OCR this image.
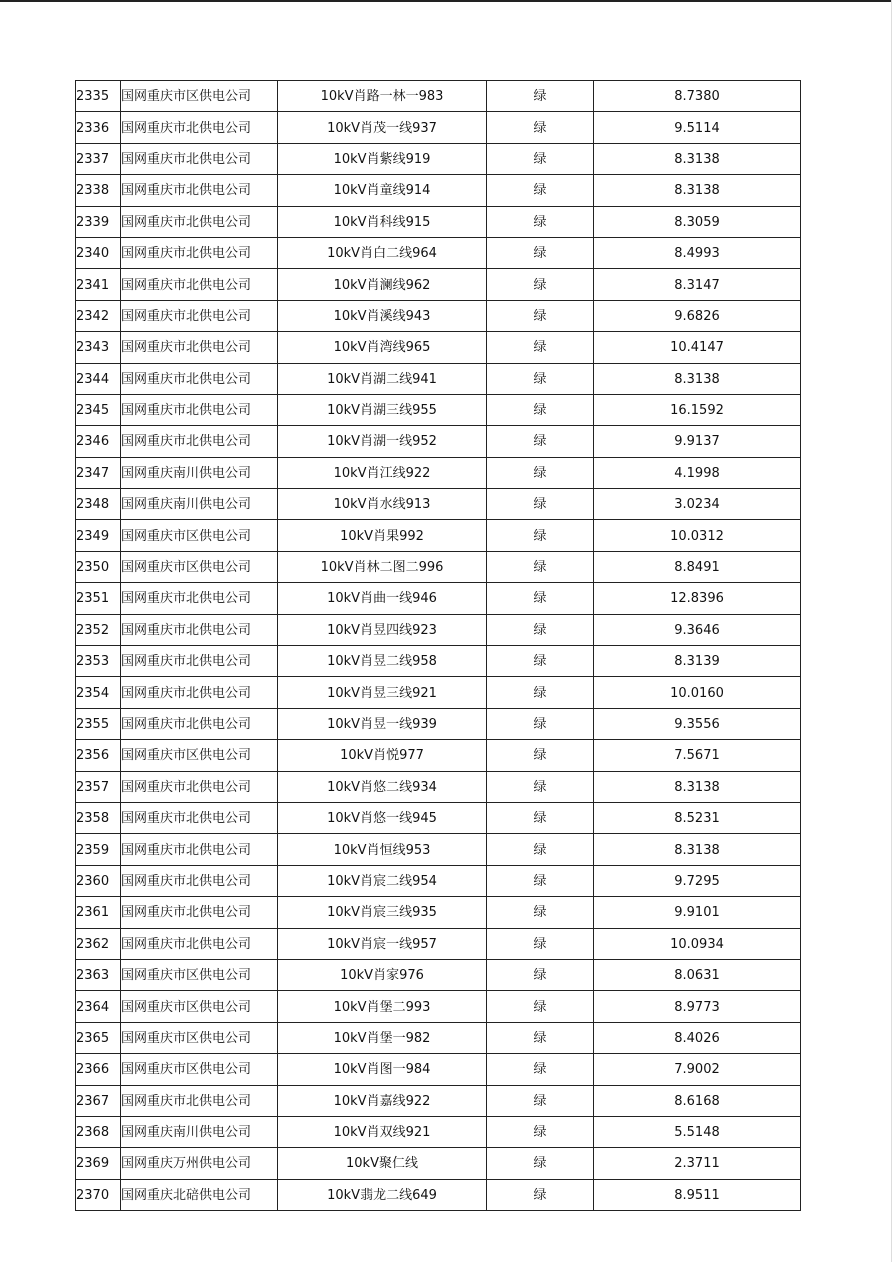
2335	国网重庆市区供电公司	10kV肖路一林一983	绿	8.7380
2336	国网重庆市北供电公司	10kV肖茂一线937	绿	9.5114
2337	国网重庆市北供电公司	10kV肖紫线919	绿	8.3138
2338	国网重庆市北供电公司	10kV肖童线914	绿	8.3138
2339	国网重庆市北供电公司	10kV肖科线915	绿	8.3059
2340	国网重庆市北供电公司	10kV肖白二线964	绿	8.4993
2341	国网重庆市北供电公司	10kV肖澜线962	绿	8.3147
2342	国网重庆市北供电公司	10kV肖溪线943	绿	9.6826
2343	国网重庆市北供电公司	10kV肖湾线965	绿	10.4147
2344	国网重庆市北供电公司	10kV肖湖二线941	绿	8.3138
2345	国网重庆市北供电公司	10kV肖湖三线955	绿	16.1592
2346	国网重庆市北供电公司	10kV肖湖一线952	绿	9.9137
2347	国网重庆南川供电公司	10kV肖江线922	绿	4.1998
2348	国网重庆南川供电公司	10kV肖水线913	绿	3.0234
2349	国网重庆市区供电公司	10kV肖果992	绿	10.0312
2350	国网重庆市区供电公司	10kV肖林二图二996	绿	8.8491
2351	国网重庆市北供电公司	10kV肖曲一线946	绿	12.8396
2352	国网重庆市北供电公司	10kV肖昱四线923	绿	9.3646
2353	国网重庆市北供电公司	10kV肖昱二线958	绿	8.3139
2354	国网重庆市北供电公司	10kV肖昱三线921	绿	10.0160
2355	国网重庆市北供电公司	10kV肖昱一线939	绿	9.3556
2356	国网重庆市区供电公司	10kV肖悦977	绿	7.5671
2357	国网重庆市北供电公司	10kV肖悠二线934	绿	8.3138
2358	国网重庆市北供电公司	10kV肖悠一线945	绿	8.5231
2359	国网重庆市北供电公司	10kV肖恒线953	绿	8.3138
2360	国网重庆市北供电公司	10kV肖宸二线954	绿	9.7295
2361	国网重庆市北供电公司	10kV肖宸三线935	绿	9.9101
2362	国网重庆市北供电公司	10kV肖宸一线957	绿	10.0934
2363	国网重庆市区供电公司	10kV肖家976	绿	8.0631
2364	国网重庆市区供电公司	10kV肖堡二993	绿	8.9773
2365	国网重庆市区供电公司	10kV肖堡一982	绿	8.4026
2366	国网重庆市区供电公司	10kV肖图一984	绿	7.9002
2367	国网重庆市北供电公司	10kV肖嘉线922	绿	8.6168
2368	国网重庆南川供电公司	10kV肖双线921	绿	5.5148
2369	国网重庆万州供电公司	10kV聚仁线	绿	2.3711
2370	国网重庆北碚供电公司	10kV翡龙二线649	绿	8.9511
